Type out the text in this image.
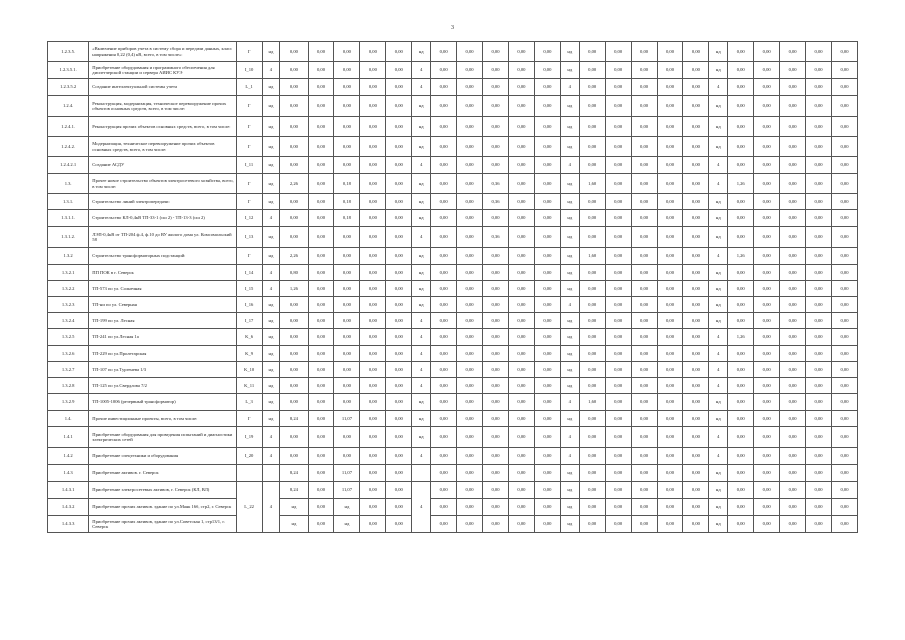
3
1.2.3.5.	«Включение приборов учета в систему сбора и передачи данных, класс напряжения 0,22 (0,4) кВ, всего, в том числе»:	Г	нд	0,00	0,00	0,00	0,00	0,00	нд	0,00	0,00	0,00	0,00	0,00	нд	0,00	0,00	0,00	0,00	0,00	нд	0,00	0,00	0,00	0,00	0,00
1.2.3.5.1.	Приобретение оборудования и программного обеспечения для диспетчерской станции и сервера АИИС КУЭ	I_10	4	0,00	0,00	0,00	0,00	0,00	4	0,00	0,00	0,00	0,00	0,00	нд	0,00	0,00	0,00	0,00	0,00	нд	0,00	0,00	0,00	0,00	0,00
1.2.3.5.2	Создание интеллектуальной системы учета	L_1	нд	0,00	0,00	0,00	0,00	0,00	4	0,00	0,00	0,00	0,00	0,00	4	0,00	0,00	0,00	0,00	0,00	4	0,00	0,00	0,00	0,00	0,00
1.2.4.	Реконструкция, модернизация, техническое перевооружение прочих объектов основных средств, всего, в том числе:	Г	нд	0,00	0,00	0,00	0,00	0,00	нд	0,00	0,00	0,00	0,00	0,00	нд	0,00	0,00	0,00	0,00	0,00	нд	0,00	0,00	0,00	0,00	0,00
1.2.4.1.	Реконструкция прочих объектов основных средств, всего, в том числе:	Г	нд	0,00	0,00	0,00	0,00	0,00	нд	0,00	0,00	0,00	0,00	0,00	нд	0,00	0,00	0,00	0,00	0,00	нд	0,00	0,00	0,00	0,00	0,00
1.2.4.2.	Модернизация, техническое перевооружение прочих объектов основных средств, всего, в том числе:	Г	нд	0,00	0,00	0,00	0,00	0,00	нд	0,00	0,00	0,00	0,00	0,00	нд	0,00	0,00	0,00	0,00	0,00	нд	0,00	0,00	0,00	0,00	0,00
1.2.4.2.1	Создание АСДУ	I_11	нд	0,00	0,00	0,00	0,00	0,00	4	0,00	0,00	0,00	0,00	0,00	4	0,00	0,00	0,00	0,00	0,00	4	0,00	0,00	0,00	0,00	0,00
1.3.	Прочее новое строительство объектов электросетевого хозяйства, всего, в том числе:	Г	нд	2,26	0,00	0,18	0,00	0,00	нд	0,00	0,00	0,36	0,00	0,00	нд	1,60	0,00	0,00	0,00	0,00	4	1,26	0,00	0,00	0,00	0,00
1.3.1.	Строительство линий электропередачи:	Г	нд	0,00	0,00	0,18	0,00	0,00	нд	0,00	0,00	0,36	0,00	0,00	нд	0,00	0,00	0,00	0,00	0,00	нд	0,00	0,00	0,00	0,00	0,00
1.3.1.1.	Строительство КЛ-0,4кВ ТП-33-1 (сш 2) - ТП-13-3 (сш 2)	I_12	4	0,00	0,00	0,18	0,00	0,00	нд	0,00	0,00	0,00	0,00	0,00	нд	0,00	0,00	0,00	0,00	0,00	нд	0,00	0,00	0,00	0,00	0,00
1.3.1.2.	ЛЭП-0,4кВ от ТП-204 ф.4, ф.10 до ВУ жилого дома ул. Комсомольский 58	I_13	нд	0,00	0,00	0,00	0,00	0,00	4	0,00	0,00	0,36	0,00	0,00	нд	0,00	0,00	0,00	0,00	0,00	нд	0,00	0,00	0,00	0,00	0,00
1.3.2	Строительство трансформаторных подстанций:	Г	нд	2,26	0,00	0,00	0,00	0,00	нд	0,00	0,00	0,00	0,00	0,00	нд	1,60	0,00	0,00	0,00	0,00	4	1,26	0,00	0,00	0,00	0,00
1.3.2.1	ПП ПОК в г. Северск	I_14	4	0,80	0,00	0,00	0,00	0,00	нд	0,00	0,00	0,00	0,00	0,00	нд	0,00	0,00	0,00	0,00	0,00	нд	0,00	0,00	0,00	0,00	0,00
1.3.2.2	ТП-573 по ул. Солнечная	I_15	4	1,26	0,00	0,00	0,00	0,00	нд	0,00	0,00	0,00	0,00	0,00	нд	0,00	0,00	0,00	0,00	0,00	нд	0,00	0,00	0,00	0,00	0,00
1.3.2.3	ТП-ни по ул. Северная	I_16	нд	0,00	0,00	0,00	0,00	0,00	нд	0,00	0,00	0,00	0,00	0,00	4	0,00	0,00	0,00	0,00	0,00	нд	0,00	0,00	0,00	0,00	0,00
1.3.2.4	ТП-199 по ул. Лесная	I_17	нд	0,00	0,00	0,00	0,00	0,00	4	0,00	0,00	0,00	0,00	0,00	нд	0,00	0,00	0,00	0,00	0,00	нд	0,00	0,00	0,00	0,00	0,00
1.3.2.5	ТП-241 по ул.Лесная 1а	K_6	нд	0,00	0,00	0,00	0,00	0,00	4	0,00	0,00	0,00	0,00	0,00	нд	0,00	0,00	0,00	0,00	0,00	4	1,26	0,00	0,00	0,00	0,00
1.3.2.6	ТП-229 по ул.Пролетарская	K_9	нд	0,00	0,00	0,00	0,00	0,00	4	0,00	0,00	0,00	0,00	0,00	нд	0,00	0,00	0,00	0,00	0,00	4	0,00	0,00	0,00	0,00	0,00
1.3.2.7	ТП-107 по ул.Тургенева 1/3	K_10	нд	0,00	0,00	0,00	0,00	0,00	4	0,00	0,00	0,00	0,00	0,00	нд	0,00	0,00	0,00	0,00	0,00	4	0,00	0,00	0,00	0,00	0,00
1.3.2.8	ТП-125 по ул.Свердлова 7/2	K_11	нд	0,00	0,00	0,00	0,00	0,00	4	0,00	0,00	0,00	0,00	0,00	нд	0,00	0,00	0,00	0,00	0,00	4	0,00	0,00	0,00	0,00	0,00
1.3.2.9	ТП-1005-1006 (резервный трансформатор)	L_3	нд	0,00	0,00	0,00	0,00	0,00	нд	0,00	0,00	0,00	0,00	0,00	4	1,60	0,00	0,00	0,00	0,00	нд	0,00	0,00	0,00	0,00	0,00
1.4.	Прочие инвестиционные проекты, всего, в том числе:	Г	нд	8,24	0,00	11,07	0,00	0,00	нд	0,00	0,00	0,00	0,00	0,00	нд	0,00	0,00	0,00	0,00	0,00	нд	0,00	0,00	0,00	0,00	0,00
1.4.1	Приобретение оборудования для проведения испытаний и диагностики электрических сетей	I_19	4	0,00	0,00	0,00	0,00	0,00	нд	0,00	0,00	0,00	0,00	0,00	4	0,00	0,00	0,00	0,00	0,00	4	0,00	0,00	0,00	0,00	0,00
1.4.2	Приобретение спецтехники и оборудования	I_20	4	0,00	0,00	0,00	0,00	0,00	4	0,00	0,00	0,00	0,00	0,00	4	0,00	0,00	0,00	0,00	0,00	4	0,00	0,00	0,00	0,00	0,00
1.4.3	Приобретение активов. г. Северск			8,24	0,00	11,07	0,00	0,00		0,00	0,00	0,00	0,00	0,00	нд	0,00	0,00	0,00	0,00	0,00	нд	0,00	0,00	0,00	0,00	0,00
1.4.3.1	Приобретение электросетевых активов, г. Северск (КЛ, ВЛ)	L_22	4	8,24	0,00	11,07	0,00	0,00	4	0,00	0,00	0,00	0,00	0,00	нд	0,00	0,00	0,00	0,00	0,00	нд	0,00	0,00	0,00	0,00	0,00
1.4.3.2	Приобретение прочих активов. здание по ул.Маяк 16б, стр2, г. Северск			нд	0,00	нд	0,00	0,00		0,00	0,00	0,00	0,00	0,00	нд	0,00	0,00	0,00	0,00	0,00	нд	0,00	0,00	0,00	0,00	0,00
1.4.3.3	Приобретение прочих активов, здание по ул.Советская 1, стр13/1, г. Северск			нд	0,00	нд	0,00	0,00		0,00	0,00	0,00	0,00	0,00	нд	0,00	0,00	0,00	0,00	0,00	нд	0,00	0,00	0,00	0,00	0,00
